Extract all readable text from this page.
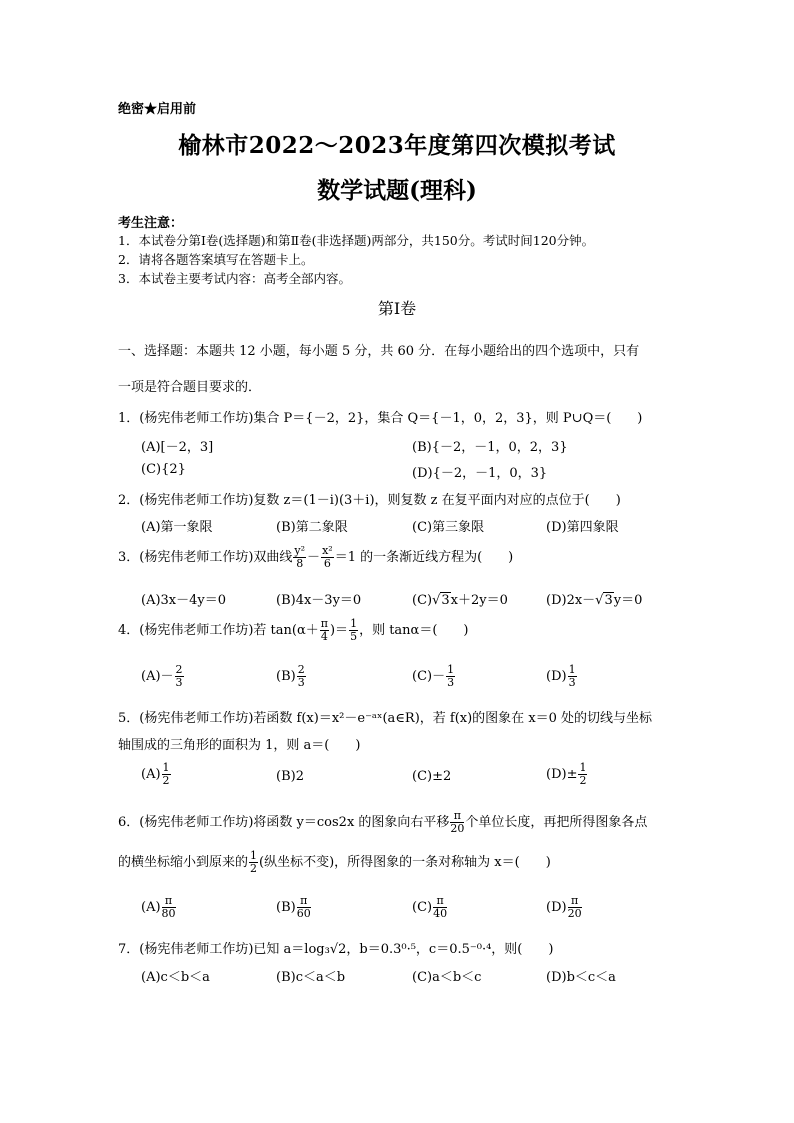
绝密★启用前
榆林市2022～2023年度第四次模拟考试
数学试题(理科)
考生注意：
1．本试卷分第Ⅰ卷(选择题)和第Ⅱ卷(非选择题)两部分，共150分。考试时间120分钟。
2．请将各题答案填写在答题卡上。
3．本试卷主要考试内容：高考全部内容。
第Ⅰ卷
一、选择题：本题共 12 小题，每小题 5 分，共 60 分．在每小题给出的四个选项中，只有
一项是符合题目要求的．
1．(杨宪伟老师工作坊)集合 P＝{－2，2}，集合 Q＝{－1，0，2，3}，则 P∪Q＝(　　)
(A)[－2，3]	(B){－2，－1，0，2，3}
(C){2}	(D){－2，－1，0，3}
2．(杨宪伟老师工作坊)复数 z＝(1－i)(3＋i)，则复数 z 在复平面内对应的点位于(　　)
(A)第一象限	(B)第二象限	(C)第三象限	(D)第四象限
3．(杨宪伟老师工作坊)双曲线 $\frac{\text{y²}}{8} - \frac{\text{x²}}{6} =1$ 的一条渐近线方程为(　　)
(A)3x－4y＝0	(B)4x－3y＝0	(C)√3x＋2y＝0	(D)2x－√3y＝0
4．(杨宪伟老师工作坊)若 $\tan(\alpha+ \frac{\pi}{4}$ )＝ $\frac{1}{5}$ ，则 tanα＝(　　)
$(A)- \frac{2}{3}$	$(B) \frac{2}{3}$	$(C)- \frac{1}{3}$	$(D) \frac{1}{3}$
5．(杨宪伟老师工作坊)若函数 f(x)＝x²－e⁻ᵃˣ(a∈R)，若 f(x)的图象在 x＝0 处的切线与坐标
轴围成的三角形的面积为 1，则 a＝(　　)
$(A) \frac{1}{2}$	(B)2	(C)±2	$(D)\pm \frac{1}{2}$
6．(杨宪伟老师工作坊)将函数 y＝cos2x 的图象向右平移 $\frac{\pi}{20}$ 个单位长度，再把所得图象各点
的横坐标缩小到原来的 $\frac{1}{2}$ (纵坐标不变)，所得图象的一条对称轴为 x＝(　　)
$(A) \frac{\pi}{80}$	$(B) \frac{\pi}{60}$	$(C) \frac{\pi}{40}$	$(D) \frac{\pi}{20}$
7．(杨宪伟老师工作坊)已知 a＝log₃√2，b＝0.3⁰·⁵，c＝0.5⁻⁰·⁴，则(　　)
(A)c＜b＜a	(B)c＜a＜b	(C)a＜b＜c	(D)b＜c＜a
